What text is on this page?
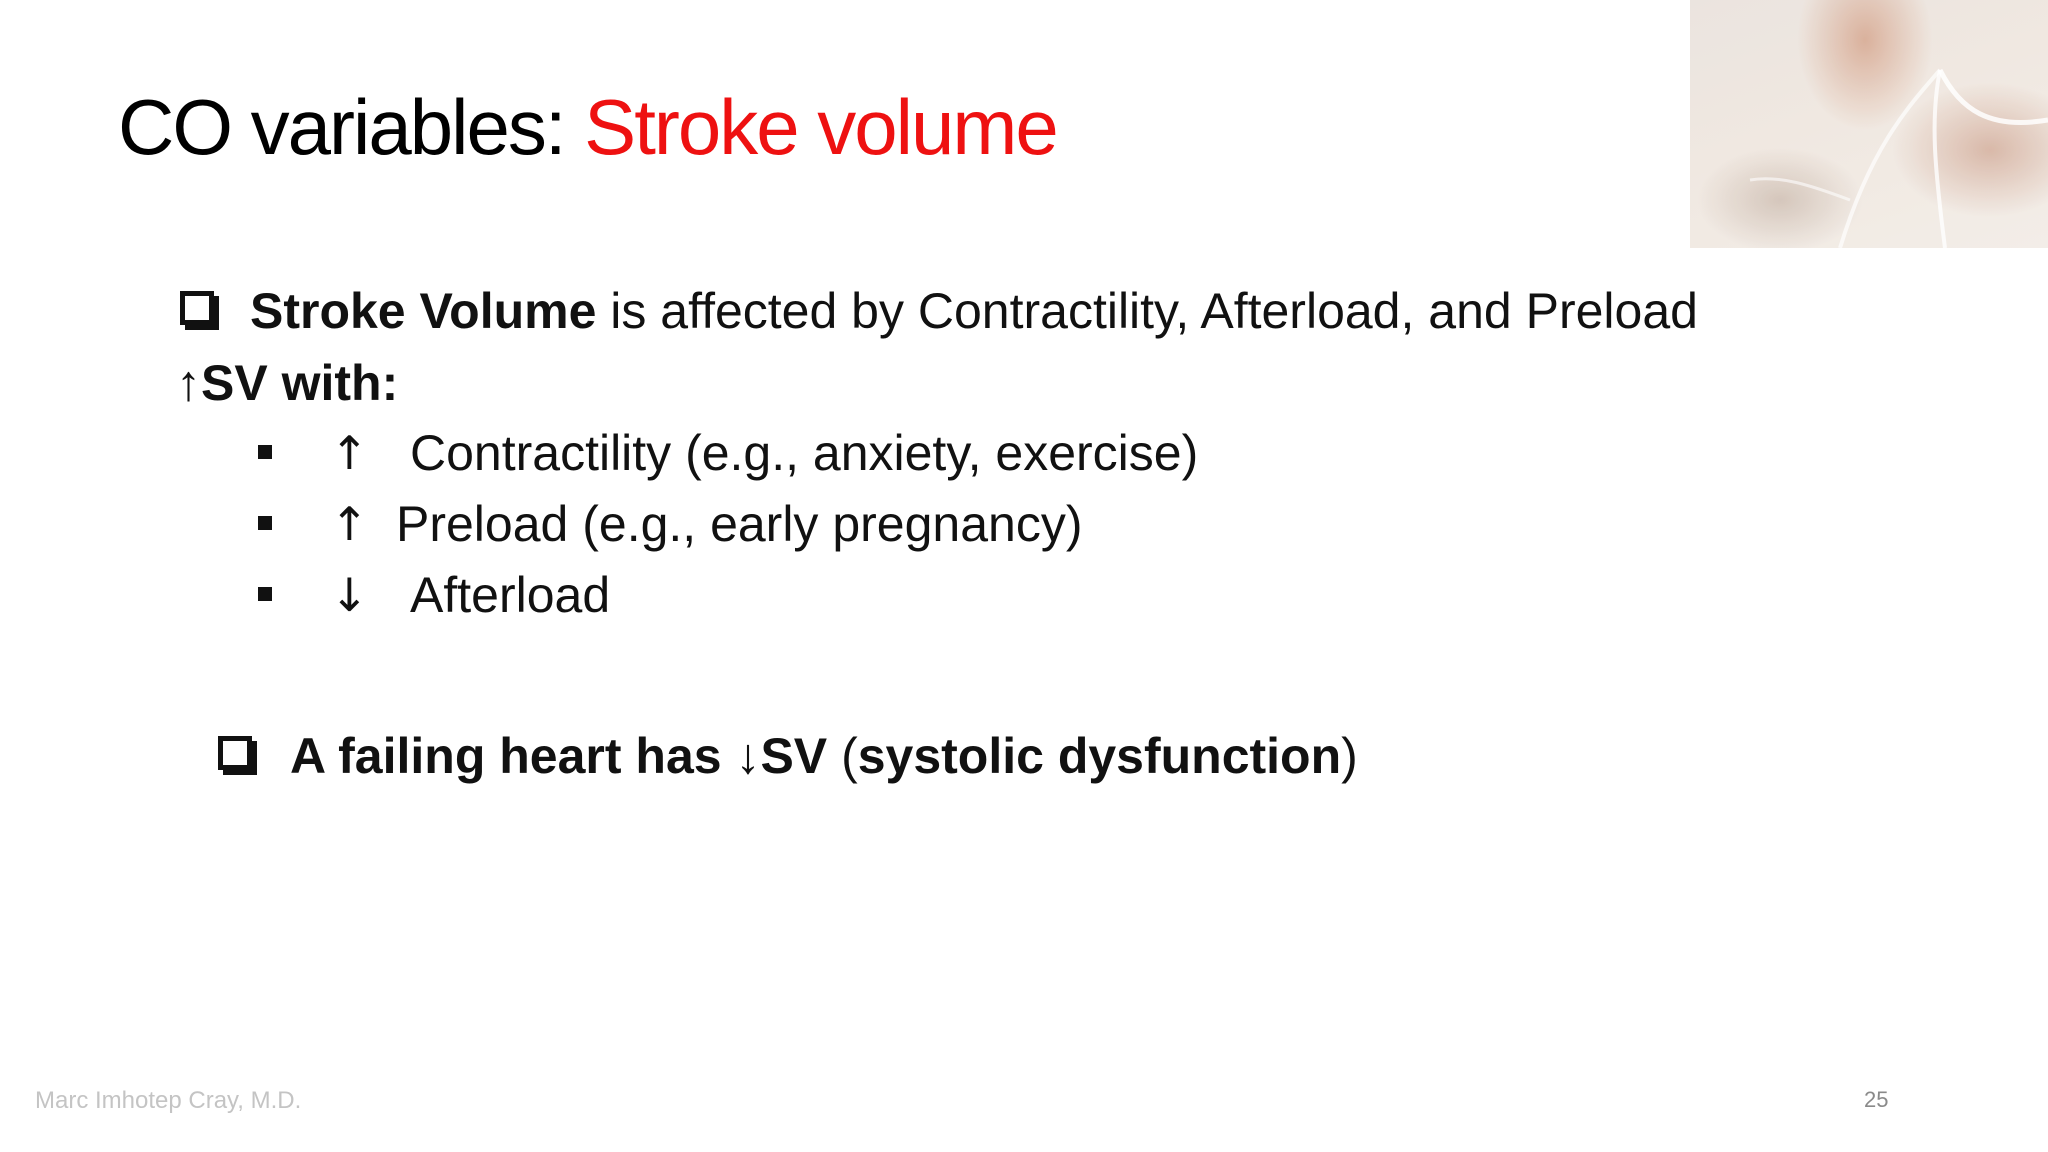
CO variables: Stroke volume
Stroke Volume is affected by Contractility, Afterload, and Preload
↑SV with:
↑ Contractility (e.g., anxiety, exercise)
↑ Preload (e.g., early pregnancy)
↓ Afterload
A failing heart has ↓SV (systolic dysfunction)
Marc Imhotep Cray, M.D.	25
